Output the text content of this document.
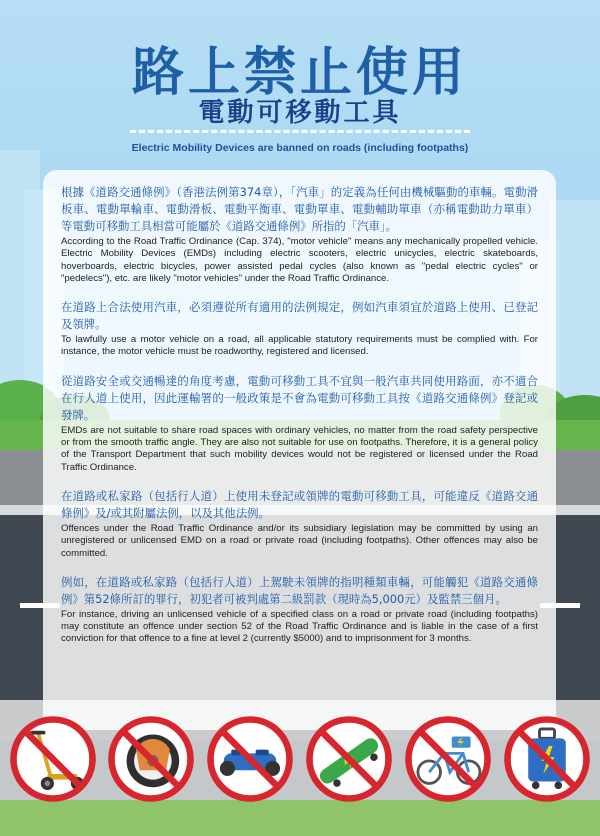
路上禁止使用
電動可移動工具
Electric Mobility Devices are banned on roads (including footpaths)
根據《道路交通條例》（香港法例第374章），「汽車」的定義為任何由機械驅動的車輛。電動滑板車、電動單輪車、電動滑板、電動平衡車、電動單車、電動輔助單車（亦稱電動助力單車）等電動可移動工具相當可能屬於《道路交通條例》所指的「汽車」。
According to the Road Traffic Ordinance (Cap. 374), "motor vehicle" means any mechanically propelled vehicle. Electric Mobility Devices (EMDs) including electric scooters, electric unicycles, electric skateboards, hoverboards, electric bicycles, power assisted pedal cycles (also known as "pedal electric cycles" or "pedelecs"), etc. are likely "motor vehicles" under the Road Traffic Ordinance.
在道路上合法使用汽車，必須遵從所有適用的法例規定，例如汽車須宜於道路上使用、已登記及領牌。
To lawfully use a motor vehicle on a road, all applicable statutory requirements must be complied with. For instance, the motor vehicle must be roadworthy, registered and licensed.
從道路安全或交通暢達的角度考慮，電動可移動工具不宜與一般汽車共同使用路面，亦不適合在行人道上使用，因此運輸署的一般政策是不會為電動可移動工具按《道路交通條例》登記或發牌。
EMDs are not suitable to share road spaces with ordinary vehicles, no matter from the road safety perspective or from the smooth traffic angle. They are also not suitable for use on footpaths. Therefore, it is a general policy of the Transport Department that such mobility devices would not be registered or licensed under the Road Traffic Ordinance.
在道路或私家路（包括行人道）上使用未登記或領牌的電動可移動工具，可能違反《道路交通條例》及/或其附屬法例，以及其他法例。
Offences under the Road Traffic Ordinance and/or its subsidiary legislation may be committed by using an unregistered or unlicensed EMD on a road or private road (including footpaths). Other offences may also be committed.
例如，在道路或私家路（包括行人道）上駕駛未領牌的指明種類車輛，可能觸犯《道路交通條例》第52條所訂的罪行，初犯者可被判處第二級罰款（現時為5,000元）及監禁三個月。
For instance, driving an unlicensed vehicle of a specified class on a road or private road (including footpaths) may constitute an offence under section 52 of the Road Traffic Ordinance and is liable in the case of a first conviction for that offence to a fine at level 2 (currently $5000) and to imprisonment for 3 months.
